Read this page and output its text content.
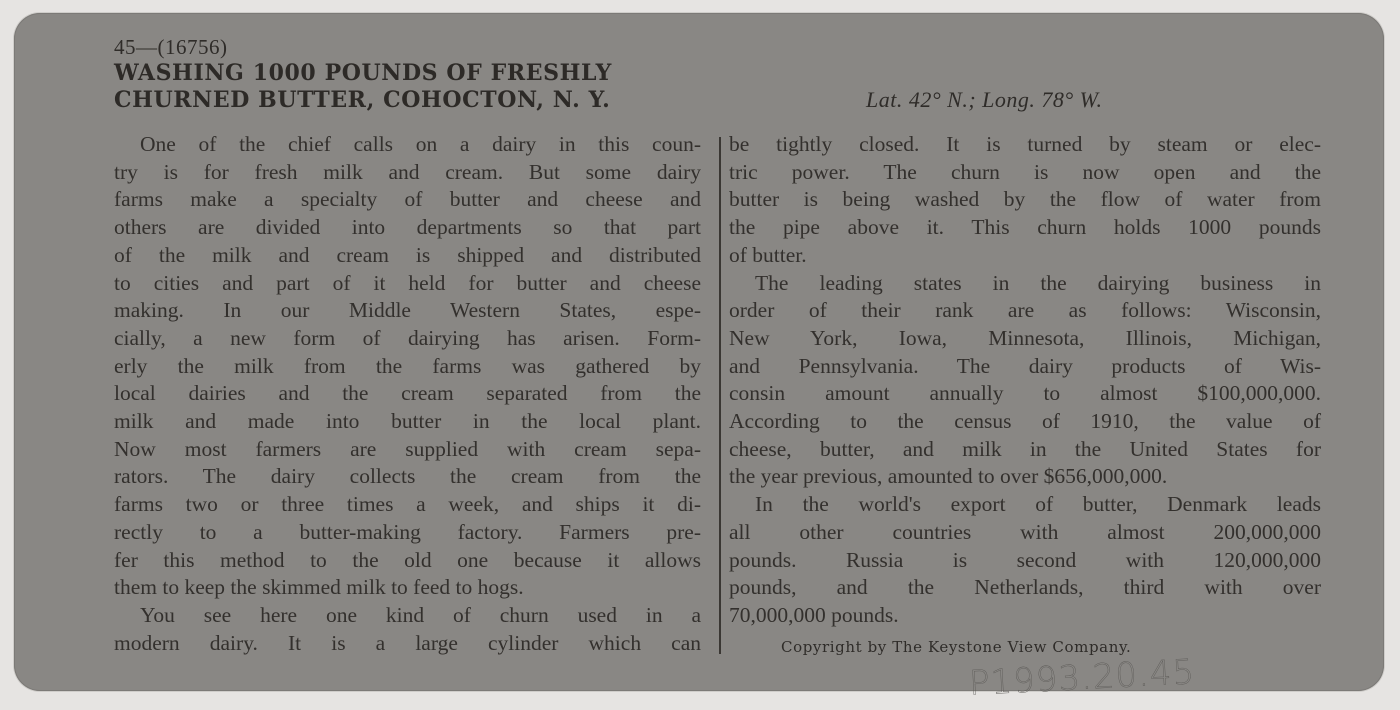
45—(16756)
WASHING 1000 POUNDS OF FRESHLY
CHURNED BUTTER, COHOCTON, N. Y.	Lat. 42° N.; Long. 78° W.
One of the chief calls on a dairy in this coun-
try is for fresh milk and cream. But some dairy
farms make a specialty of butter and cheese and
others are divided into departments so that part
of the milk and cream is shipped and distributed
to cities and part of it held for butter and cheese
making. In our Middle Western States, espe-
cially, a new form of dairying has arisen. Form-
erly the milk from the farms was gathered by
local dairies and the cream separated from the
milk and made into butter in the local plant.
Now most farmers are supplied with cream sepa-
rators. The dairy collects the cream from the
farms two or three times a week, and ships it di-
rectly to a butter-making factory. Farmers pre-
fer this method to the old one because it allows
them to keep the skimmed milk to feed to hogs.
You see here one kind of churn used in a
modern dairy. It is a large cylinder which can
be tightly closed. It is turned by steam or elec-
tric power. The churn is now open and the
butter is being washed by the flow of water from
the pipe above it. This churn holds 1000 pounds
of butter.
The leading states in the dairying business in
order of their rank are as follows: Wisconsin,
New York, Iowa, Minnesota, Illinois, Michigan,
and Pennsylvania. The dairy products of Wis-
consin amount annually to almost $100,000,000.
According to the census of 1910, the value of
cheese, butter, and milk in the United States for
the year previous, amounted to over $656,000,000.
In the world's export of butter, Denmark leads
all other countries with almost 200,000,000
pounds. Russia is second with 120,000,000
pounds, and the Netherlands, third with over
70,000,000 pounds.
Copyright by The Keystone View Company.
P1993.20.45
